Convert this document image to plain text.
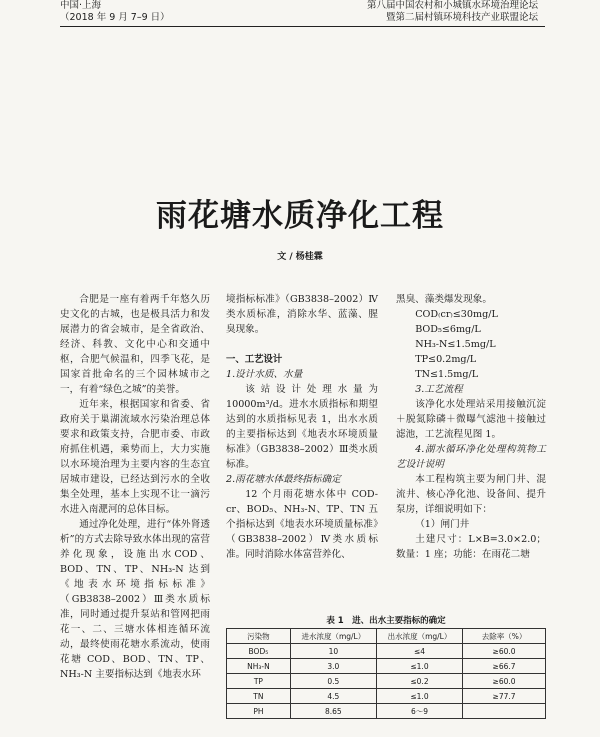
中国·上海
（2018 年 9 月 7–9 日）
第八届中国农村和小城镇水环境治理论坛
暨第二届村镇环境科技产业联盟论坛
雨花塘水质净化工程
文 / 杨桂霖

合肥是一座有着两千年悠久历史文化的古城，也是极具活力和发展潜力的省会城市，是全省政治、经济、科教、文化中心和交通中枢，合肥气候温和，四季飞花，是国家首批命名的三个园林城市之一，有着“绿色之城”的美誉。

近年来，根据国家和省委、省政府关于巢湖流域水污染治理总体要求和政策支持，合肥市委、市政府抓住机遇，乘势而上，大力实施以水环境治理为主要内容的生态宜居城市建设，已经达到污水的全收集全处理，基本上实现不让一滴污水进入南淝河的总体目标。

通过净化处理，进行“体外肾透析”的方式去除导致水体出现的富营养化现象，设施出水COD、BOD、TN、TP、NH₃-N 达到《地表水环境指标标准》（GB3838–2002）Ⅲ类水质标准，同时通过提升泵站和管网把雨花一、二、三塘水体相连循环流动，最终使雨花塘水系流动，使雨花塘 COD、BOD、TN、TP、NH₃-N 主要指标达到《地表水环

境指标标准》（GB3838–2002）Ⅳ类水质标准，消除水华、蓝藻、腥臭现象。

一、工艺设计

1.设计水质、水量

该站设计处理水量为 10000m³/d。进水水质指标和期望达到的水质指标见表 1，出水水质的主要指标达到《地表水环境质量标准》（GB3838–2002）Ⅲ类水质标准。

2.雨花塘水体最终指标确定

12 个月雨花塘水体中 COD-cr、BOD₅、NH₃-N、TP、TN 五个指标达到《地表水环境质量标准》（GB3838–2002）Ⅳ类水质标准。同时消除水体富营养化、

黑臭、藻类爆发现象。

COD₍cr₎≤30mg/L

BOD₅≤6mg/L

NH₃-N≤1.5mg/L

TP≤0.2mg/L

TN≤1.5mg/L

3.工艺流程

该净化水处理站采用接触沉淀＋脱氮除磷＋微曝气滤池＋接触过滤池，工艺流程见图 1。

4.湖水循环净化处理构筑物工艺设计说明

本工程构筑主要为闸门井、混流井、核心净化池、设备间、提升泵房，详细说明如下：

（1）闸门井

土建尺寸：L×B=3.0×2.0；数量：1 座；功能：在雨花二塘

表 1　进、出水主要指标的确定
污染物	进水浓度（mg/L）	出水浓度（mg/L）	去除率（%）
BOD₅	10	≤4	≥60.0
NH₃-N	3.0	≤1.0	≥66.7
TP	0.5	≤0.2	≥60.0
TN	4.5	≤1.0	≥77.7
PH	8.65	6～9	
